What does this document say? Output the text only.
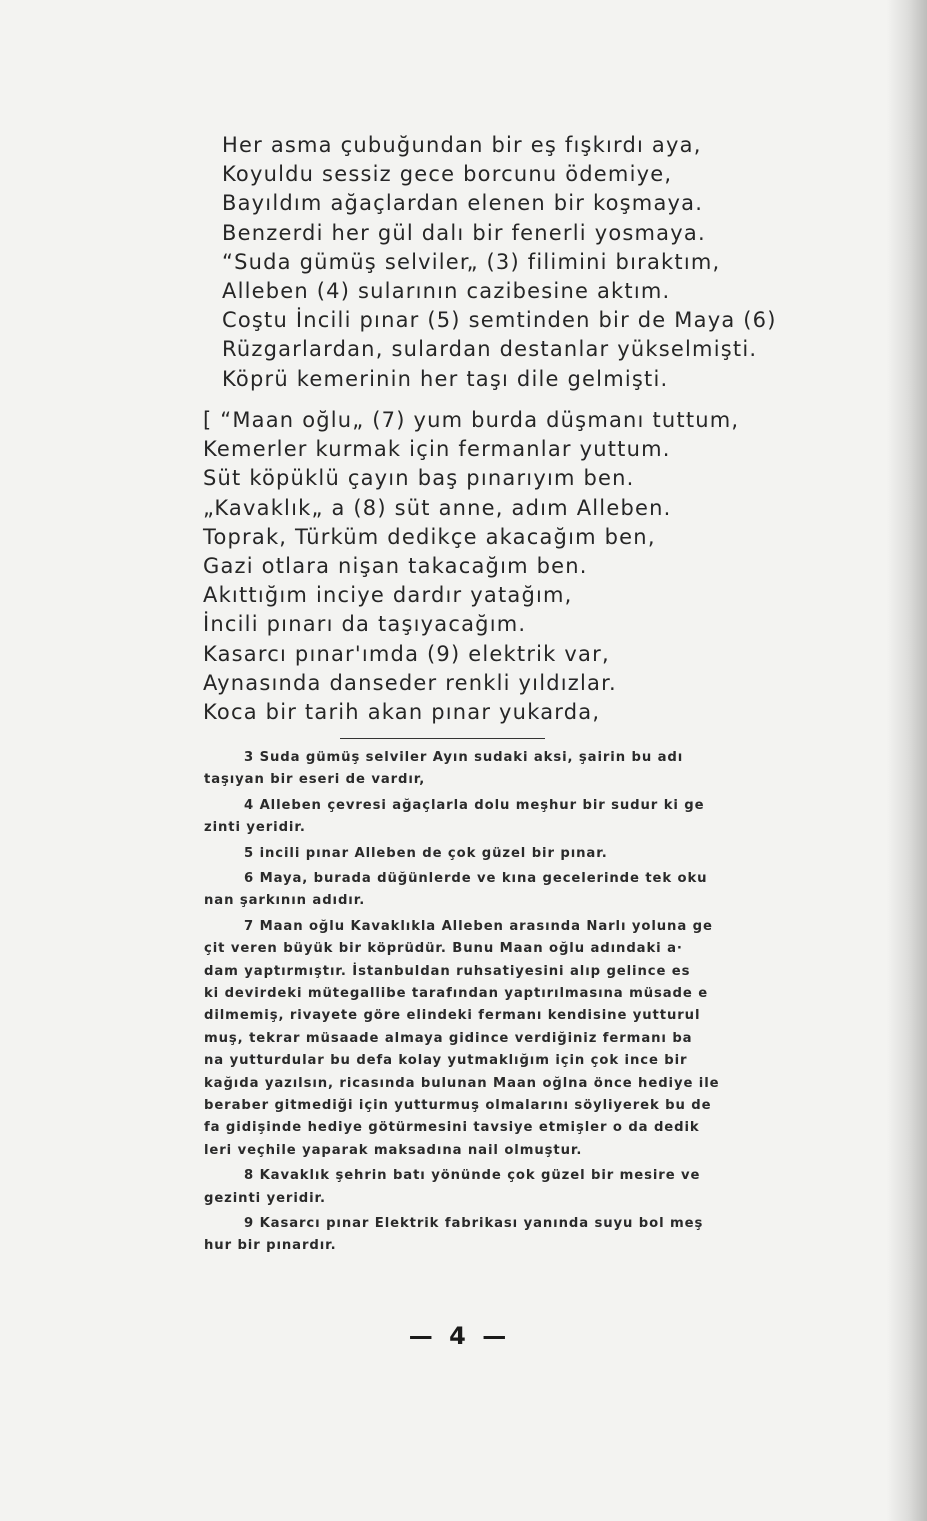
Her asma çubuğundan bir eş fışkırdı aya,
Koyuldu sessiz gece borcunu ödemiye,
Bayıldım ağaçlardan elenen bir koşmaya.
Benzerdi her gül dalı bir fenerli yosmaya.
“Suda gümüş selviler„ (3) filimini bıraktım,
Alleben (4) sularının cazibesine aktım.
Coştu İncili pınar (5) semtinden bir de Maya (6)
Rüzgarlardan, sulardan destanlar yükselmişti.
Köprü kemerinin her taşı dile gelmişti.
[ “Maan oğlu„ (7) yum burda düşmanı tuttum,
Kemerler kurmak için fermanlar yuttum.
Süt köpüklü çayın baş pınarıyım ben.
„Kavaklık„ a (8) süt anne, adım Alleben.
Toprak, Türküm dedikçe akacağım ben,
Gazi otlara nişan takacağım ben.
Akıttığım inciye dardır yatağım,
İncili pınarı da taşıyacağım.
Kasarcı pınar'ımda (9) elektrik var,
Aynasında danseder renkli yıldızlar.
Koca bir tarih akan pınar yukarda,
3 Suda gümüş selviler Ayın sudaki aksi, şairin bu adı
taşıyan bir eseri de vardır,
4 Alleben çevresi ağaçlarla dolu meşhur bir sudur ki ge
zinti yeridir.
5 incili pınar Alleben de çok güzel bir pınar.
6 Maya, burada düğünlerde ve kına gecelerinde tek oku
nan şarkının adıdır.
7 Maan oğlu Kavaklıkla Alleben arasında Narlı yoluna ge
çit veren büyük bir köprüdür. Bunu Maan oğlu adındaki a·
dam yaptırmıştır. İstanbuldan ruhsatiyesini alıp gelince es
ki devirdeki mütegallibe tarafından yaptırılmasına müsade e
dilmemiş, rivayete göre elindeki fermanı kendisine yutturul
muş, tekrar müsaade almaya gidince verdiğiniz fermanı ba
na yutturdular bu defa kolay yutmaklığım için çok ince bir
kağıda yazılsın, ricasında bulunan Maan oğlna önce hediye ile
beraber gitmediği için yutturmuş olmalarını söyliyerek bu de
fa gidişinde hediye götürmesini tavsiye etmişler o da dedik
leri veçhile yaparak maksadına nail olmuştur.
8 Kavaklık şehrin batı yönünde çok güzel bir mesire ve
gezinti yeridir.
9 Kasarcı pınar Elektrik fabrikası yanında suyu bol meş
hur bir pınardır.
— 4 —
